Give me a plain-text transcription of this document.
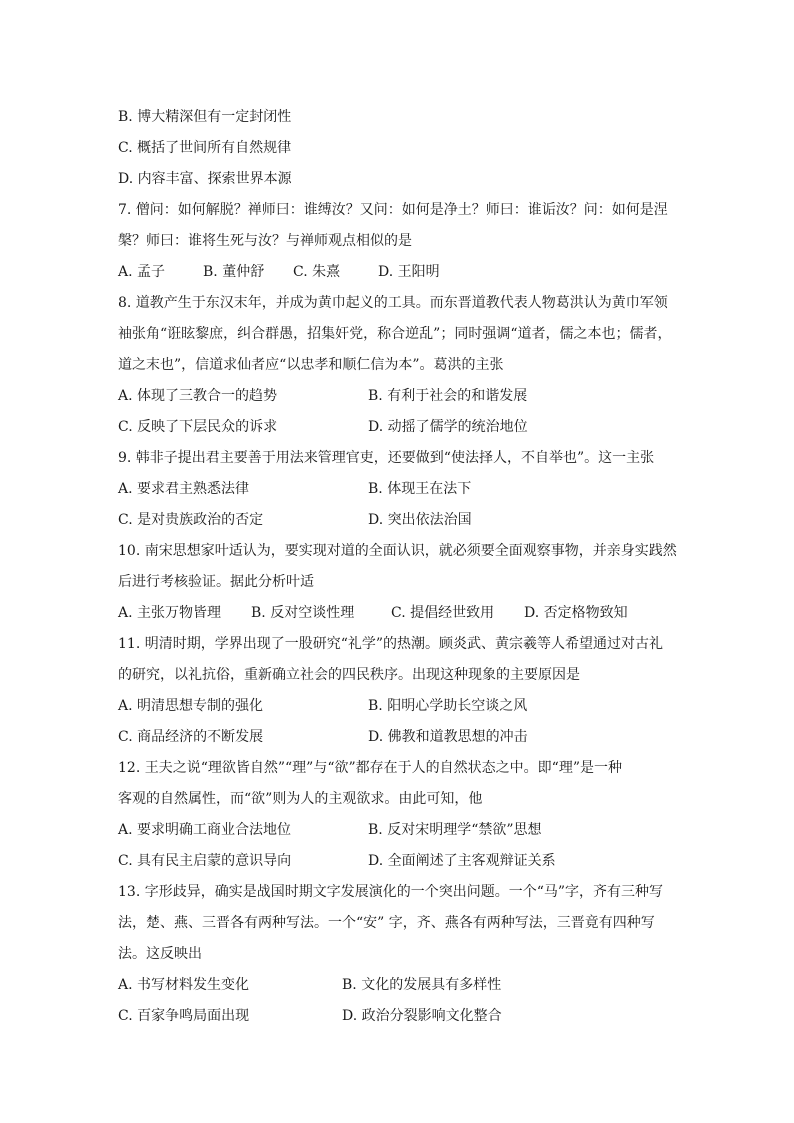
B. 博大精深但有一定封闭性
C. 概括了世间所有自然规律
D. 内容丰富、探索世界本源
7. 僧问：如何解脱？禅师曰：谁缚汝？又问：如何是净土？师曰：谁诟汝？问：如何是涅
槃？师曰：谁将生死与汝？与禅师观点相似的是
A. 孟子	B. 董仲舒	C. 朱熹	D. 王阳明
8. 道教产生于东汉末年，并成为黄巾起义的工具。而东晋道教代表人物葛洪认为黄巾军领
袖张角“诳眩黎庶，纠合群愚，招集奸党，称合逆乱”；同时强调“道者，儒之本也；儒者，
道之末也”，信道求仙者应“以忠孝和顺仁信为本”。葛洪的主张
A. 体现了三教合一的趋势	B. 有利于社会的和谐发展
C. 反映了下层民众的诉求	D. 动摇了儒学的统治地位
9. 韩非子提出君主要善于用法来管理官吏，还要做到“使法择人，不自举也”。这一主张
A. 要求君主熟悉法律	B. 体现王在法下
C. 是对贵族政治的否定	D. 突出依法治国
10. 南宋思想家叶适认为，要实现对道的全面认识，就必须要全面观察事物，并亲身实践然
后进行考核验证。据此分析叶适
A. 主张万物皆理	B. 反对空谈性理	C. 提倡经世致用	D. 否定格物致知
11. 明清时期，学界出现了一股研究“礼学”的热潮。顾炎武、黄宗羲等人希望通过对古礼
的研究，以礼抗俗，重新确立社会的四民秩序。出现这种现象的主要原因是
A. 明清思想专制的强化	B. 阳明心学助长空谈之风
C. 商品经济的不断发展	D. 佛教和道教思想的冲击
12. 王夫之说“理欲皆自然”“理”与“欲”都存在于人的自然状态之中。即“理”是一种
客观的自然属性，而“欲”则为人的主观欲求。由此可知，他
A. 要求明确工商业合法地位	B. 反对宋明理学“禁欲”思想
C. 具有民主启蒙的意识导向	D. 全面阐述了主客观辩证关系
13. 字形歧异，确实是战国时期文字发展演化的一个突出问题。一个“马”字，齐有三种写
法，楚、燕、三晋各有两种写法。一个“安” 字，齐、燕各有两种写法，三晋竟有四种写
法。这反映出
A. 书写材料发生变化	B. 文化的发展具有多样性
C. 百家争鸣局面出现	D. 政治分裂影响文化整合
